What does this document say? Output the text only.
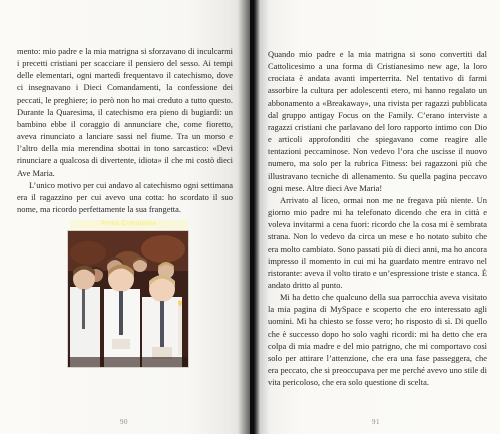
mento: mio padre e la mia matrigna si sforzavano di inculcarmi i precetti cristiani per scacciare il pensiero del sesso. Ai tempi delle elementari, ogni martedì frequentavo il catechismo, dove ci insegnavano i Dieci Comandamenti, la confessione dei peccati, le preghiere; io però non ho mai creduto a tutto questo. Durante la Quaresima, il catechismo era pieno di bugiardi: un bambino ebbe il coraggio di annunciare che, come fioretto, aveva rinunciato a lanciare sassi nel fiume. Tra un morso e l’altro della mia merendina sbottai in tono sarcastico: «Devi rinunciare a qualcosa di divertente, idiota» il che mi costò dieci Ave Maria.

L’unico motivo per cui andavo al catechismo ogni settimana era il ragazzino per cui avevo una cotta: ho scordato il suo nome, ma ricordo perfettamente la sua frangetta.

Prima Comunione
90

Quando mio padre e la mia matrigna si sono convertiti dal Cattolicesimo a una forma di Cristianesimo new age, la loro crociata è andata avanti imperterrita. Nel tentativo di farmi assorbire la cultura per adolescenti etero, mi hanno regalato un abbonamento a «Breakaway», una rivista per ragazzi pubblicata dal gruppo antigay Focus on the Family. C’erano interviste a ragazzi cristiani che parlavano del loro rapporto intimo con Dio e articoli approfonditi che spiegavano come reagire alle tentazioni peccaminose. Non vedevo l’ora che uscisse il nuovo numero, ma solo per la rubrica Fitness: bei ragazzoni più che illustravano tecniche di allenamento. Su quella pagina peccavo ogni mese. Altre dieci Ave Maria!

Arrivato al liceo, ormai non me ne fregava più niente. Un giorno mio padre mi ha telefonato dicendo che era in città e voleva invitarmi a cena fuori: ricordo che la cosa mi è sembrata strana. Non lo vedevo da circa un mese e ho notato subito che era molto cambiato. Sono passati più di dieci anni, ma ho ancora impresso il momento in cui mi ha guardato mentre entravo nel ristorante: aveva il volto tirato e un’espressione triste e stanca. È andato dritto al punto.

Mi ha detto che qualcuno della sua parrocchia aveva visitato la mia pagina di MySpace e scoperto che ero interessato agli uomini. Mi ha chiesto se fosse vero; ho risposto di sì. Di quello che è successo dopo ho solo vaghi ricordi: mi ha detto che era colpa di mia madre e del mio patrigno, che mi comportavo così solo per attirare l’attenzione, che era una fase passeggera, che era peccato, che si preoccupava per me perché avevo uno stile di vita pericoloso, che era solo questione di scelta.

91
